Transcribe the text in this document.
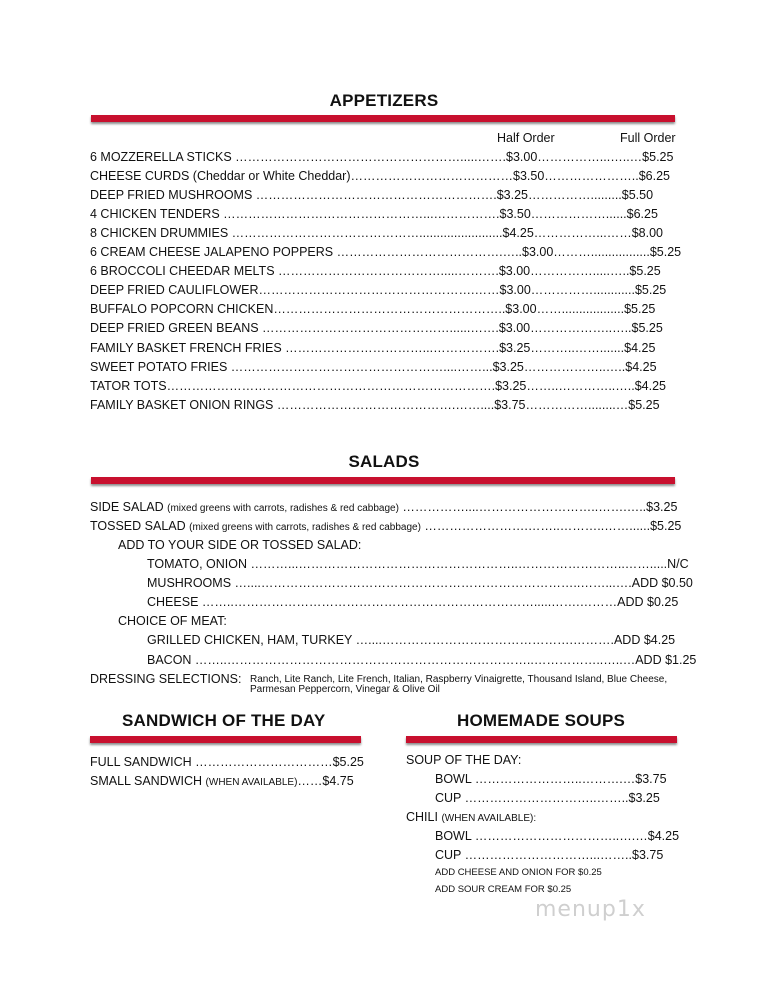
APPETIZERS
Half Order	Full Order
6 MOZZERELLA STICKS ……………………………………………….....…….$3.00……………...…..…$5.25
CHEESE CURDS (Cheddar or White Cheddar)…………………………………$3.50…………………..$6.25
DEEP FRIED MUSHROOMS ………………………………………………….$3.25…………….........$5.50
4 CHICKEN TENDERS …………………………………………...…………….$3.50………………......$6.25
8 CHICKEN DRUMMIES ………………………………………........................$4.25……………...……$8.00
6 CREAM CHEESE JALAPENO POPPERS ………………………………….…..$3.00……….................$5.25
6 BROCCOLI CHEEDAR MELTS ………………………………….....……….$3.00…………….....…..$5.25
DEEP FRIED CAULIFLOWER…………………………………………….……$3.00……………............$5.25
BUFFALO POPCORN CHICKEN………………………………………………..$3.00……..................$5.25
DEEP FRIED GREEN BEANS ………………………………………......…….$3.00………………..…..$5.25
FAMILY BASKET FRENCH FRIES ……………………………...…………….$3.25………..…….......$4.25
SWEET POTATO FRIES ……………………………………………....……...$3.25………………..…..$4.25
TATOR TOTS…………………………………………………………………….$3.25……..…………..…..$4.25
FAMILY BASKET ONION RINGS …………………………………….……....$3.75……………........…$5.25
SALADS
SIDE SALAD (mixed greens with carrots, radishes & red cabbage) ……………....………………………..…….…..$3.25
TOSSED SALAD (mixed greens with carrots, radishes & red cabbage) …………………….……..………..……......$5.25
ADD TO YOUR SIDE OR TOSSED SALAD:
TOMATO, ONION ………...……………………………………………..……………………..…….....N/C
MUSHROOMS …....…………………………………………………………………..……...….ADD $0.50
CHEESE ……..……………………………………………………………….....…….………ADD $0.25
CHOICE OF MEAT:
GRILLED CHICKEN, HAM, TURKEY …....……………………………………….……….ADD $4.25
BACON ……..………………………………………………………………..……………..…..…ADD $1.25
DRESSING SELECTIONS: Ranch, Lite Ranch, Lite French, Italian, Raspberry Vinaigrette, Thousand Island, Blue Cheese,
Parmesan Peppercorn, Vinegar & Olive Oil
SANDWICH OF THE DAY
FULL SANDWICH ……………………………$5.25
SMALL SANDWICH (WHEN AVAILABLE)……$4.75
HOMEMADE SOUPS
SOUP OF THE DAY:
BOWL ……………………..……….…$3.75
CUP …………………………..……..$3.25
CHILI (WHEN AVAILABLE):
BOWL ……………………………..….…$4.25
CUP …………………………...……..$3.75
ADD CHEESE AND ONION FOR $0.25
ADD SOUR CREAM FOR $0.25
menup1x
